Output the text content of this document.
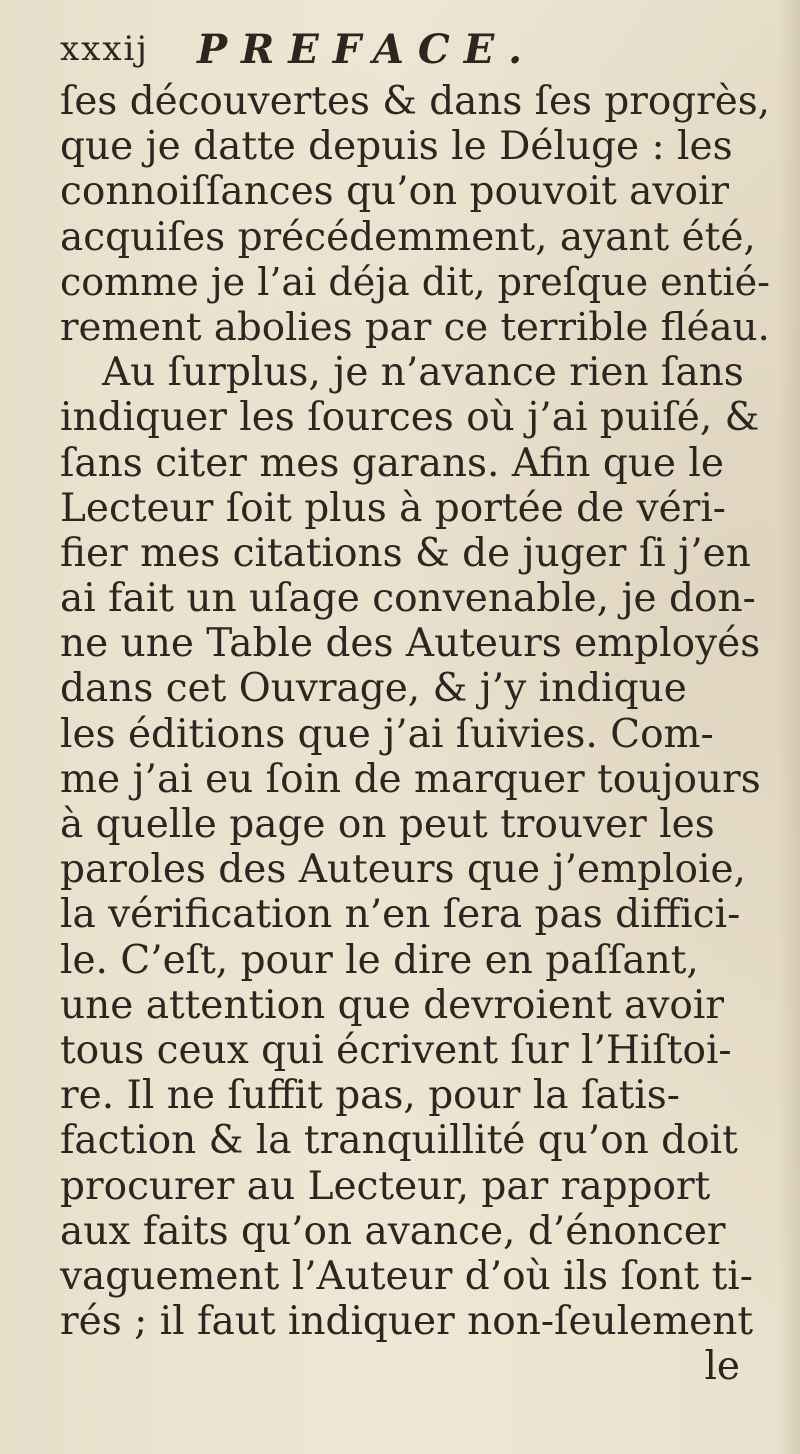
xxxij PREFACE.
ſes découvertes & dans ſes progrès,
que je datte depuis le Déluge : les
connoiſſances qu’on pouvoit avoir
acquiſes précédemment, ayant été,
comme je l’ai déja dit, preſque entié-
rement abolies par ce terrible fléau.
Au ſurplus, je n’avance rien ſans
indiquer les ſources où j’ai puiſé, &
ſans citer mes garans. Afin que le
Lecteur ſoit plus à portée de véri-
fier mes citations & de juger ſi j’en
ai fait un uſage convenable, je don-
ne une Table des Auteurs employés
dans cet Ouvrage, & j’y indique
les éditions que j’ai ſuivies. Com-
me j’ai eu ſoin de marquer toujours
à quelle page on peut trouver les
paroles des Auteurs que j’emploie,
la vérification n’en ſera pas diffici-
le. C’eſt, pour le dire en paſſant,
une attention que devroient avoir
tous ceux qui écrivent ſur l’Hiſtoi-
re. Il ne ſuffit pas, pour la ſatis-
faction & la tranquillité qu’on doit
procurer au Lecteur, par rapport
aux faits qu’on avance, d’énoncer
vaguement l’Auteur d’où ils ſont ti-
rés ; il faut indiquer non-ſeulement
le
